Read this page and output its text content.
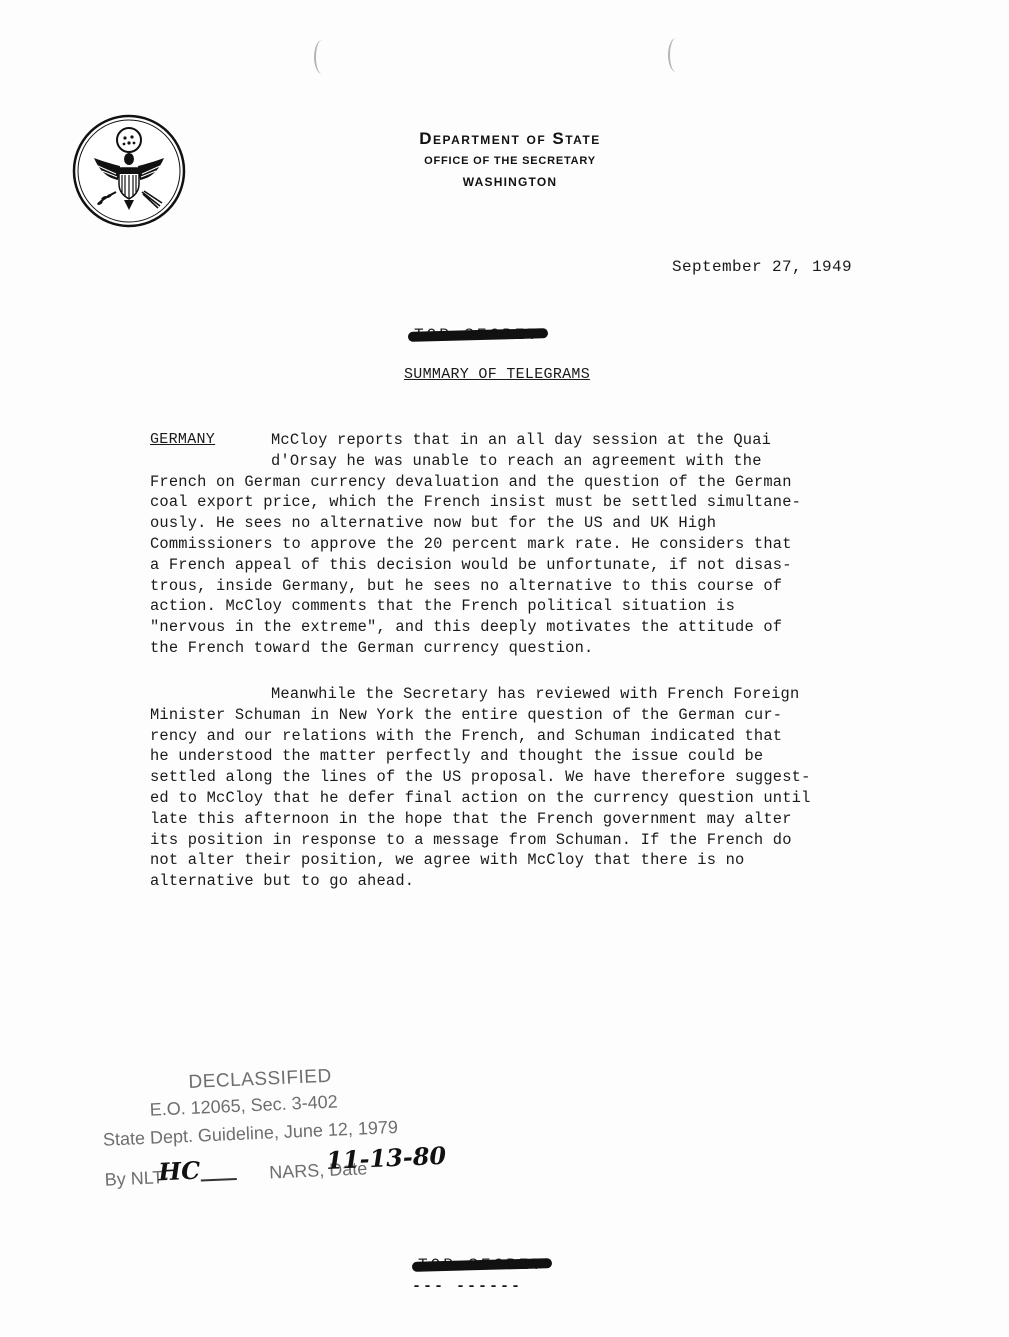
Department of State
OFFICE OF THE SECRETARY
WASHINGTON
September 27, 1949
SUMMARY OF TELEGRAMS
GERMANY	McCloy reports that in an all day session at the Quai
d'Orsay he was unable to reach an agreement with the
French on German currency devaluation and the question of the German
coal export price, which the French insist must be settled simultane-
ously. He sees no alternative now but for the US and UK High
Commissioners to approve the 20 percent mark rate. He considers that
a French appeal of this decision would be unfortunate, if not disas-
trous, inside Germany, but he sees no alternative to this course of
action. McCloy comments that the French political situation is
"nervous in the extreme", and this deeply motivates the attitude of
the French toward the German currency question.
Meanwhile the Secretary has reviewed with French Foreign
Minister Schuman in New York the entire question of the German cur-
rency and our relations with the French, and Schuman indicated that
he understood the matter perfectly and thought the issue could be
settled along the lines of the US proposal. We have therefore suggest-
ed to McCloy that he defer final action on the currency question until
late this afternoon in the hope that the French government may alter
its position in response to a message from Schuman. If the French do
not alter their position, we agree with McCloy that there is no
alternative but to go ahead.
DECLASSIFIED
E.O. 12065, Sec. 3-402
State Dept. Guideline, June 12, 1979
By NLT-	NARS, Date
HC	11-13-80
--- ------
